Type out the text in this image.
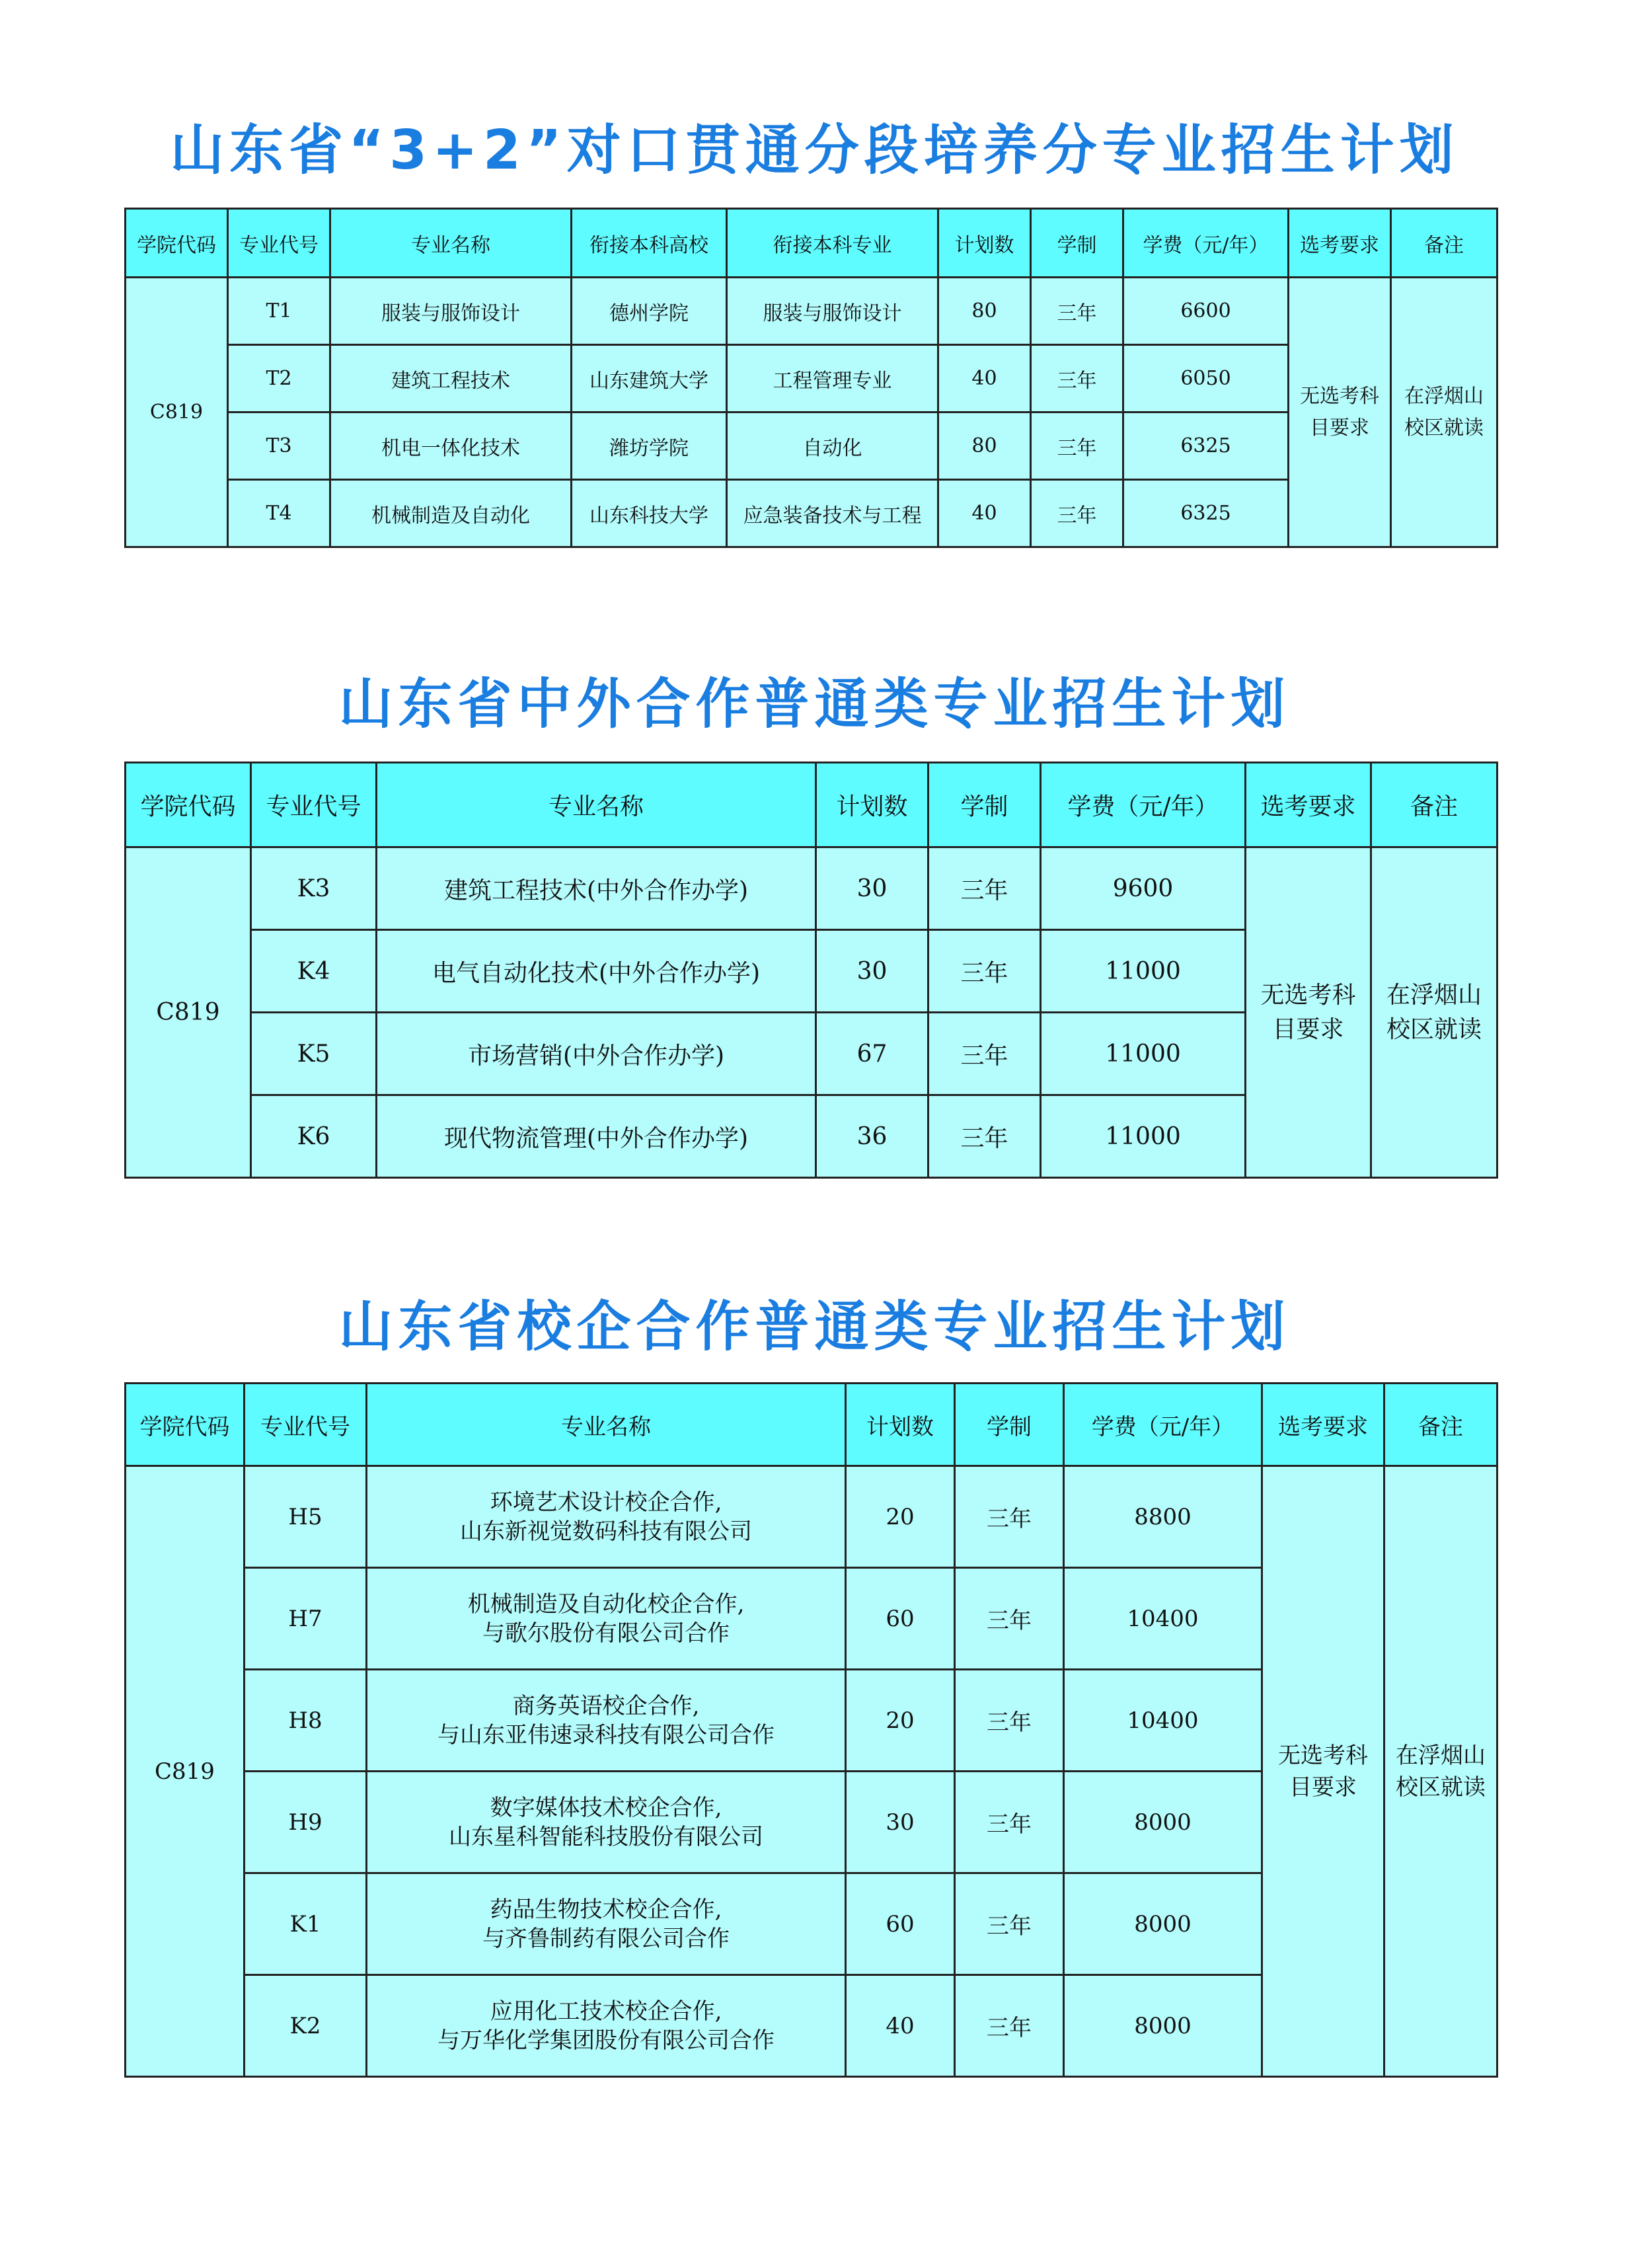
山东省“3+2”对口贯通分段培养分专业招生计划
学院代码	专业代号	专业名称	衔接本科高校	衔接本科专业	计划数	学制	学费（元/年）	选考要求	备注
C819	T1	服装与服饰设计	德州学院	服装与服饰设计	80	三年	6600	无选考科目要求	在浮烟山校区就读

	T2	建筑工程技术	山东建筑大学	工程管理专业	40	三年	6050		
	T3	机电一体化技术	潍坊学院	自动化	80	三年	6325		
	T4	机械制造及自动化	山东科技大学	应急装备技术与工程	40	三年	6325		
山东省中外合作普通类专业招生计划
学院代码	专业代号	专业名称	计划数	学制	学费（元/年）	选考要求	备注
C819	K3	建筑工程技术(中外合作办学)	30	三年	9600	无选考科目要求	在浮烟山校区就读

	K4	电气自动化技术(中外合作办学)	30	三年	11000		
	K5	市场营销(中外合作办学)	67	三年	11000		
	K6	现代物流管理(中外合作办学)	36	三年	11000		
山东省校企合作普通类专业招生计划
学院代码	专业代号	专业名称	计划数	学制	学费（元/年）	选考要求	备注
C819	H5	环境艺术设计校企合作,
山东新视觉数码科技有限公司	20	三年	8800	无选考科目要求	在浮烟山校区就读

	H7	机械制造及自动化校企合作,
与歌尔股份有限公司合作	60	三年	10400		
	H8	商务英语校企合作,
与山东亚伟速录科技有限公司合作	20	三年	10400		
	H9	数字媒体技术校企合作,
山东星科智能科技股份有限公司	30	三年	8000		
	K1	药品生物技术校企合作,
与齐鲁制药有限公司合作	60	三年	8000		
	K2	应用化工技术校企合作,
与万华化学集团股份有限公司合作	40	三年	8000		
